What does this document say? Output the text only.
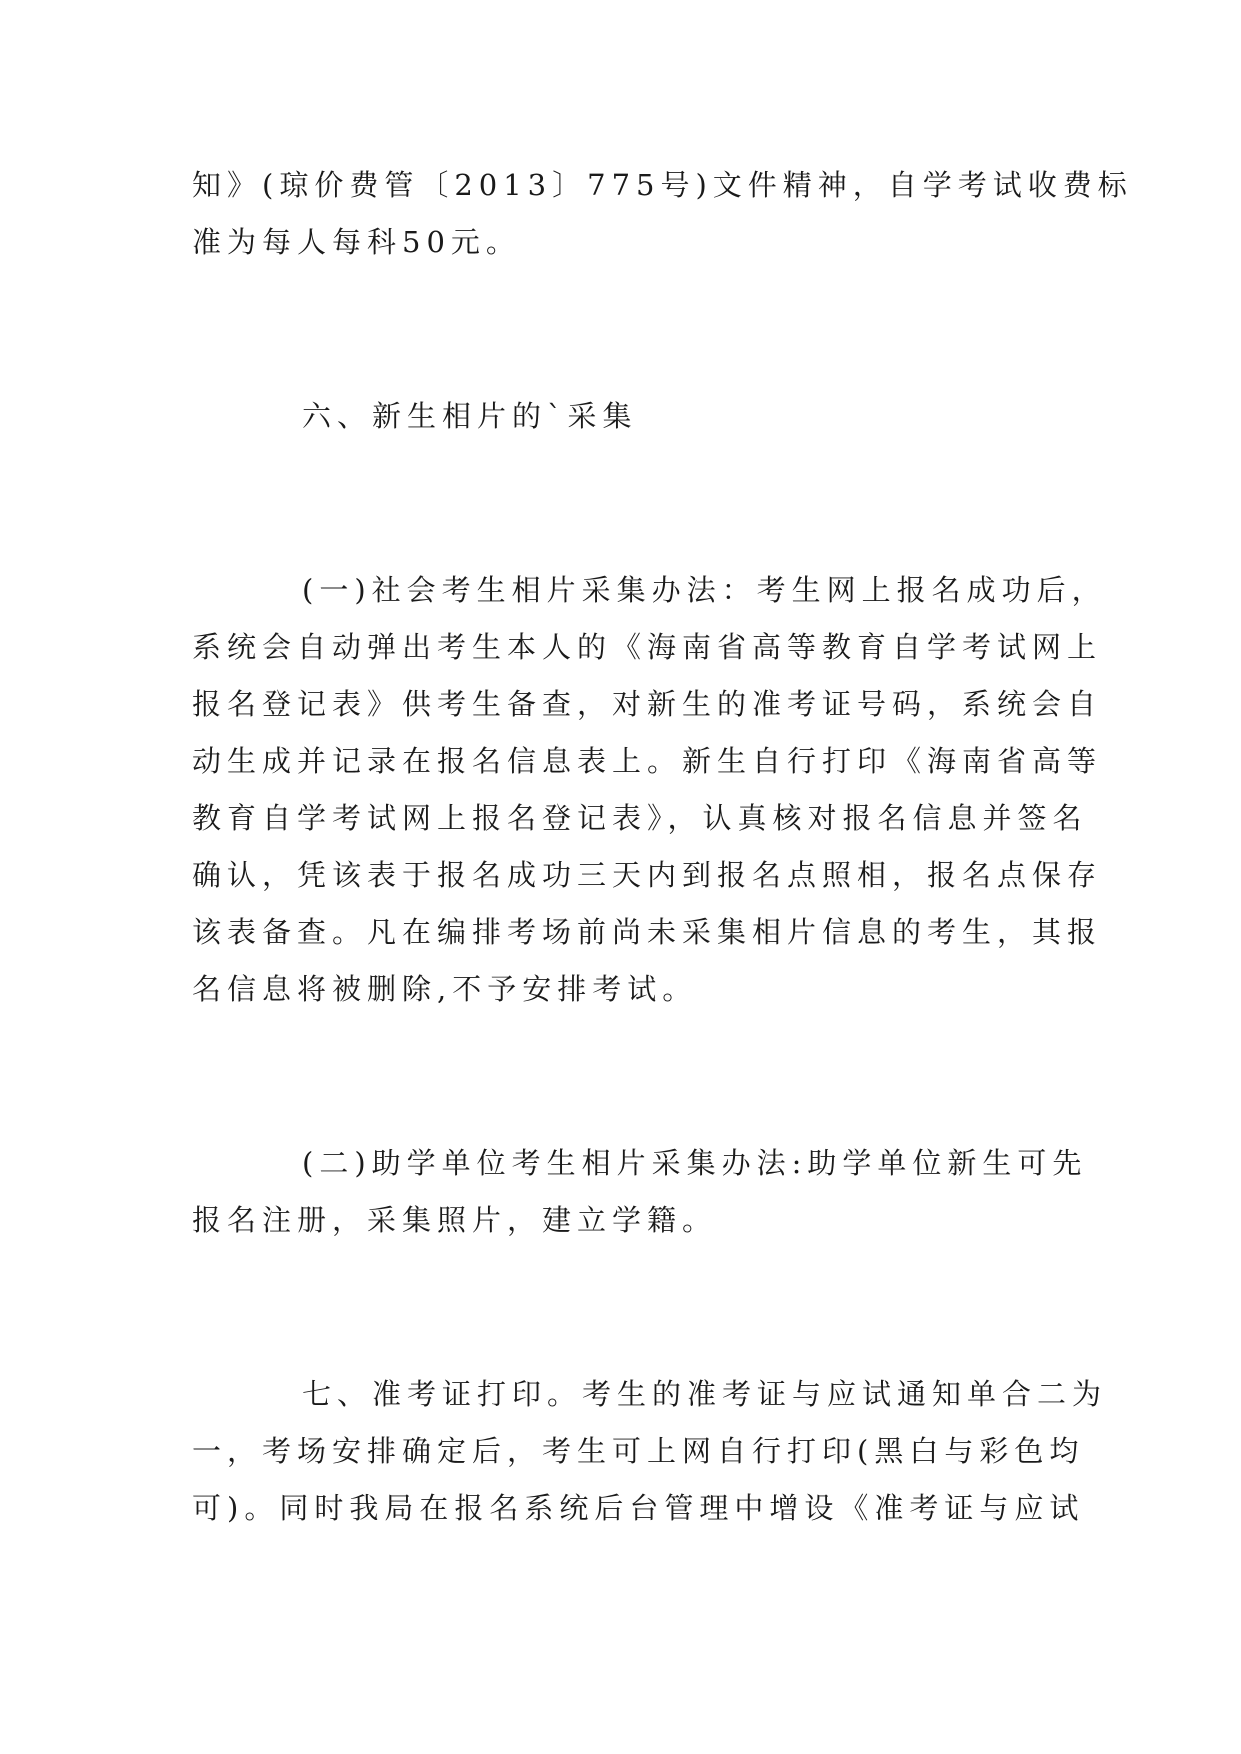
知》(琼价费管〔2013〕775号)文件精神，自学考试收费标
准为每人每科50元。
六、新生相片的`采集
(一)社会考生相片采集办法：考生网上报名成功后，
系统会自动弹出考生本人的《海南省高等教育自学考试网上
报名登记表》供考生备查，对新生的准考证号码，系统会自
动生成并记录在报名信息表上。新生自行打印《海南省高等
教育自学考试网上报名登记表》，认真核对报名信息并签名
确认，凭该表于报名成功三天内到报名点照相，报名点保存
该表备查。凡在编排考场前尚未采集相片信息的考生，其报
名信息将被删除,不予安排考试。
(二)助学单位考生相片采集办法:助学单位新生可先
报名注册，采集照片，建立学籍。
七、准考证打印。考生的准考证与应试通知单合二为
一，考场安排确定后，考生可上网自行打印(黑白与彩色均
可)。同时我局在报名系统后台管理中增设《准考证与应试
